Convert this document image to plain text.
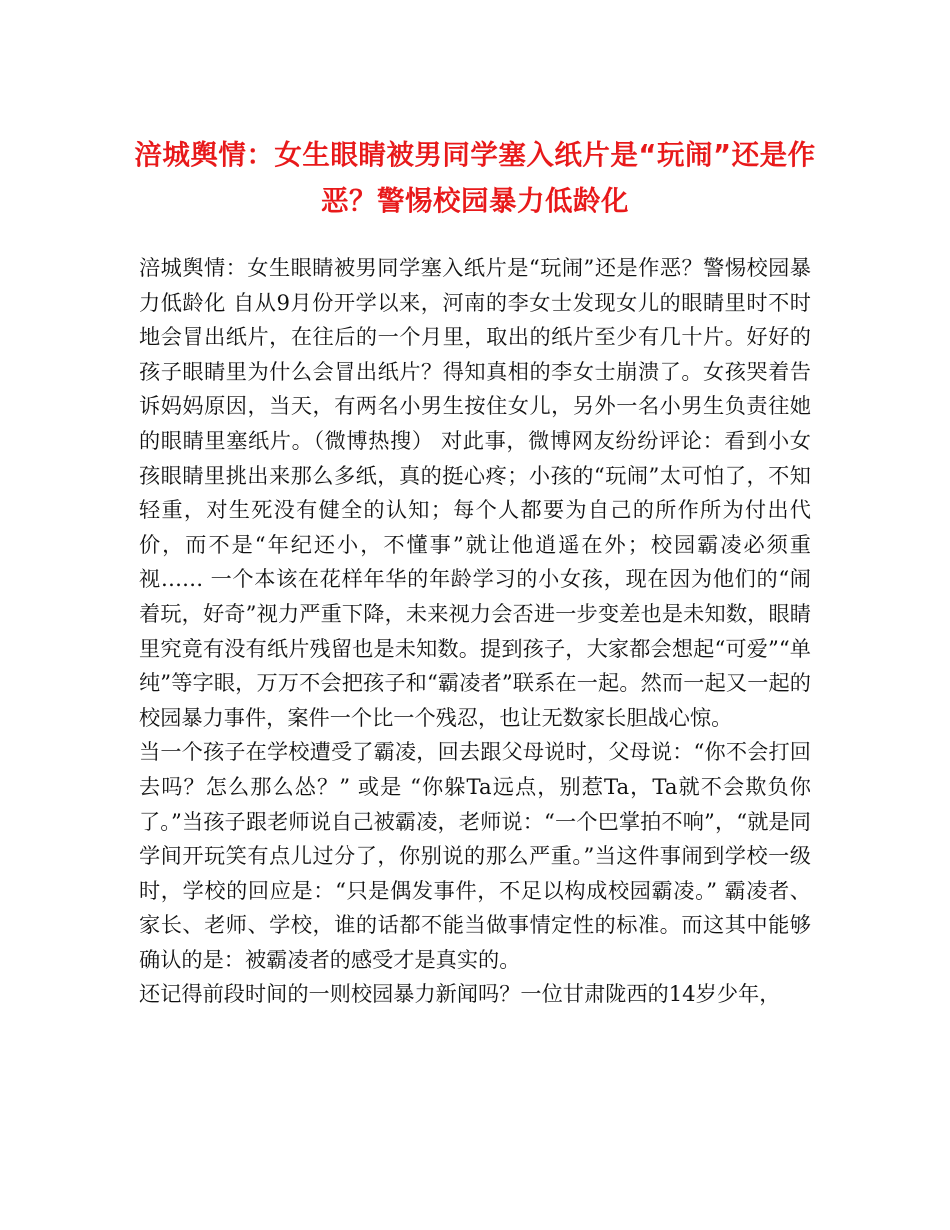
涪城舆情：女生眼睛被男同学塞入纸片是“玩闹”还是作恶？警惕校园暴力低龄化

涪城舆情：女生眼睛被男同学塞入纸片是“玩闹”还是作恶？警惕校园暴力低龄化 自从9月份开学以来，河南的李女士发现女儿的眼睛里时不时地会冒出纸片，在往后的一个月里，取出的纸片至少有几十片。好好的孩子眼睛里为什么会冒出纸片？得知真相的李女士崩溃了。女孩哭着告诉妈妈原因，当天，有两名小男生按住女儿，另外一名小男生负责往她的眼睛里塞纸片。（微博热搜） 对此事，微博网友纷纷评论：看到小女孩眼睛里挑出来那么多纸，真的挺心疼；小孩的“玩闹”太可怕了，不知轻重，对生死没有健全的认知；每个人都要为自己的所作所为付出代价，而不是“年纪还小，不懂事”就让他逍遥在外；校园霸凌必须重视…… 一个本该在花样年华的年龄学习的小女孩，现在因为他们的“闹着玩，好奇”视力严重下降，未来视力会否进一步变差也是未知数，眼睛里究竟有没有纸片残留也是未知数。提到孩子，大家都会想起“可爱”“单纯”等字眼，万万不会把孩子和“霸凌者”联系在一起。然而一起又一起的校园暴力事件，案件一个比一个残忍，也让无数家长胆战心惊。

当一个孩子在学校遭受了霸凌，回去跟父母说时，父母说：“你不会打回去吗？怎么那么怂？” 或是 “你躲Ta远点，别惹Ta，Ta就不会欺负你了。”当孩子跟老师说自己被霸凌，老师说：“一个巴掌拍不响”，“就是同学间开玩笑有点儿过分了，你别说的那么严重。”当这件事闹到学校一级时，学校的回应是：“只是偶发事件，不足以构成校园霸凌。” 霸凌者、家长、老师、学校，谁的话都不能当做事情定性的标准。而这其中能够确认的是：被霸凌者的感受才是真实的。

还记得前段时间的一则校园暴力新闻吗？一位甘肃陇西的14岁少年，
